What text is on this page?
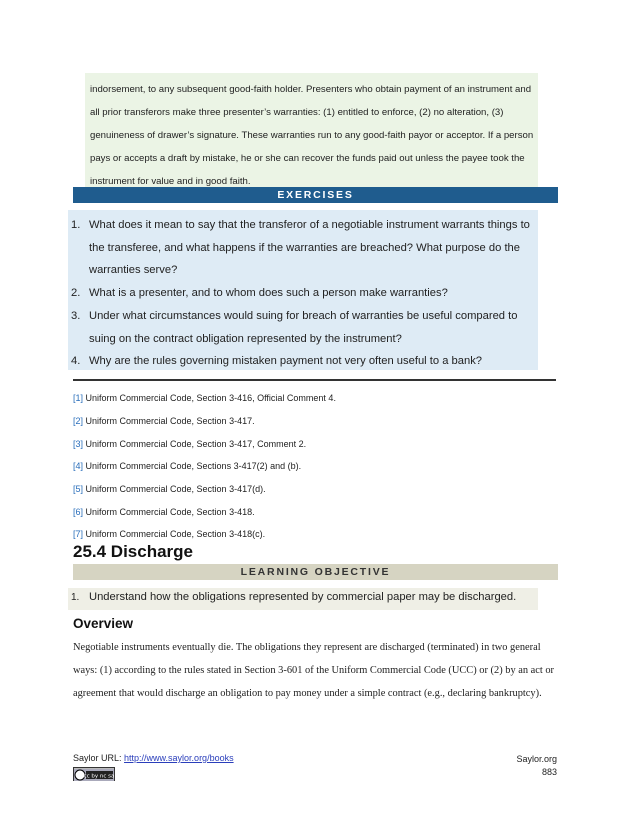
indorsement, to any subsequent good-faith holder. Presenters who obtain payment of an instrument and all prior transferors make three presenter’s warranties: (1) entitled to enforce, (2) no alteration, (3) genuineness of drawer’s signature. These warranties run to any good-faith payor or acceptor. If a person pays or accepts a draft by mistake, he or she can recover the funds paid out unless the payee took the instrument for value and in good faith.

EXERCISES
1. What does it mean to say that the transferor of a negotiable instrument warrants things to the transferee, and what happens if the warranties are breached? What purpose do the warranties serve?
2. What is a presenter, and to whom does such a person make warranties?
3. Under what circumstances would suing for breach of warranties be useful compared to suing on the contract obligation represented by the instrument?
4. Why are the rules governing mistaken payment not very often useful to a bank?
[1] Uniform Commercial Code, Section 3-416, Official Comment 4.
[2] Uniform Commercial Code, Section 3-417.
[3] Uniform Commercial Code, Section 3-417, Comment 2.
[4] Uniform Commercial Code, Sections 3-417(2) and (b).
[5] Uniform Commercial Code, Section 3-417(d).
[6] Uniform Commercial Code, Section 3-418.
[7] Uniform Commercial Code, Section 3-418(c).
25.4 Discharge
LEARNING OBJECTIVE
1. Understand how the obligations represented by commercial paper may be discharged.
Overview
Negotiable instruments eventually die. The obligations they represent are discharged (terminated) in two general ways: (1) according to the rules stated in Section 3-601 of the Uniform Commercial Code (UCC) or (2) by an act or agreement that would discharge an obligation to pay money under a simple contract (e.g., declaring bankruptcy).
Saylor URL: http://www.saylor.org/books
cc by nc sa
Saylor.org
883
